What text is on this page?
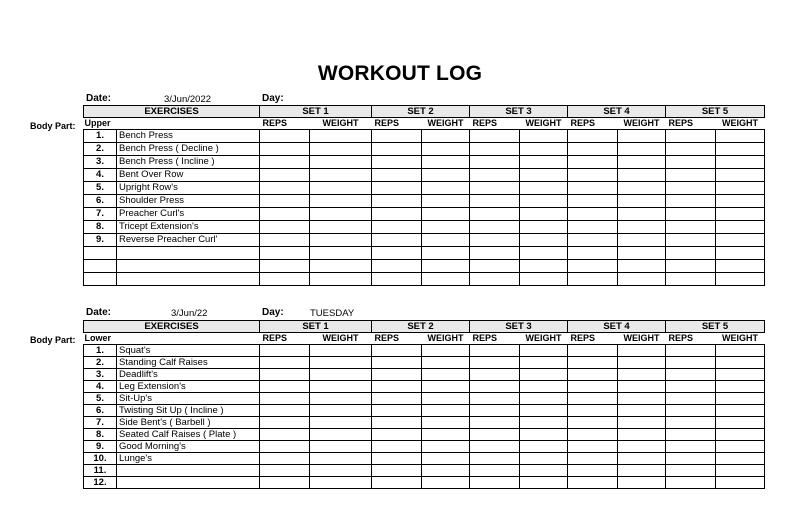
WORKOUT LOG
Date:	3/Jun/2022	Day:
Body Part:
EXERCISES		SET 1		SET 2		SET 3		SET 4		SET 5	
Upper		REPS	WEIGHT	REPS	WEIGHT	REPS	WEIGHT	REPS	WEIGHT	REPS	WEIGHT
1.	Bench Press										
2.	Bench Press ( Decline )										
3.	Bench Press ( Incline )										
4.	Bent Over Row										
5.	Upright Row's										
6.	Shoulder Press										
7.	Preacher Curl's										
8.	Tricept Extension's										
9.	Reverse Preacher Curl'										

Date:	3/Jun/22	Day:	TUESDAY
Body Part:
EXERCISES		SET 1		SET 2		SET 3		SET 4		SET 5	
Lower		REPS	WEIGHT	REPS	WEIGHT	REPS	WEIGHT	REPS	WEIGHT	REPS	WEIGHT
1.	Squat's										
2.	Standing Calf Raises										
3.	Deadlift's										
4.	Leg Extension's										
5.	Sit-Up's										
6.	Twisting Sit Up ( Incline )										
7.	Side Bent's ( Barbell )										
8.	Seated Calf Raises ( Plate )										
9.	Good Morning's										
10.	Lunge's										
11.											
12.											
